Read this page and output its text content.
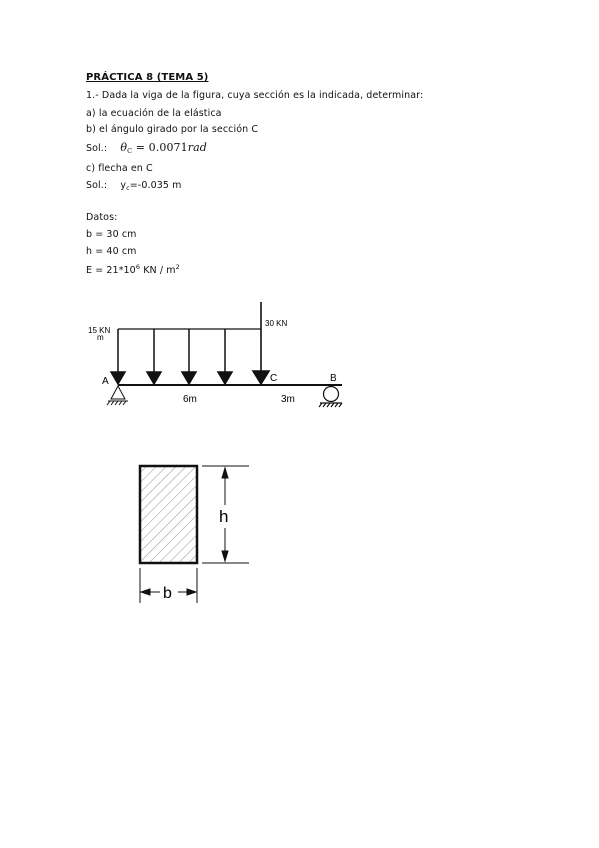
PRÁCTICA 8 (TEMA 5)
1.- Dada la viga de la figura, cuya sección es la indicada, determinar:
a) la ecuación de la elástica
b) el ángulo girado por la sección C
Sol.: $\theta_C = 0.0071rad$
c) flecha en C
Sol.: $y_c=-0.035$ m
Datos:
b = 30 cm
h = 40 cm
$E = 21*10^6$ KN / $m^2$
15 KN
m
30 KN
A	C	B
6m	3m
h
b
